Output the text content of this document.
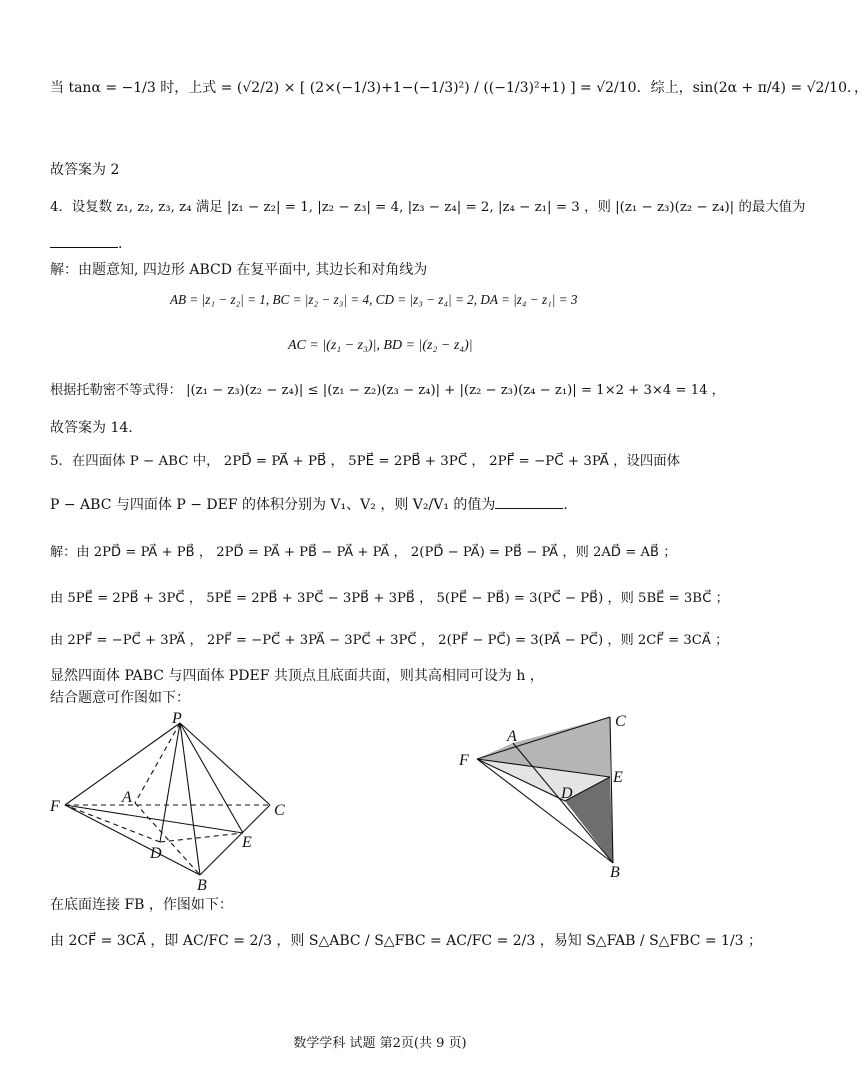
当 tanα = −1/3 时，上式 = (√2/2) × [ (2×(−1/3)+1−(−1/3)²) / ((−1/3)²+1) ] = √2/10．综上，sin(2α + π/4) = √2/10．，
故答案为 2
4．设复数 z₁, z₂, z₃, z₄ 满足 |z₁ − z₂| = 1, |z₂ − z₃| = 4, |z₃ − z₄| = 2, |z₄ − z₁| = 3 ，则 |(z₁ − z₃)(z₂ − z₄)| 的最大值为
.
解：由题意知, 四边形 ABCD 在复平面中, 其边长和对角线为
AB = |z₁ − z₂| = 1, BC = |z₂ − z₃| = 4, CD = |z₃ − z₄| = 2, DA = |z₄ − z₁| = 3
AC = |(z₁ − z₃)|, BD = |(z₂ − z₄)|
根据托勒密不等式得： |(z₁ − z₃)(z₂ − z₄)| ≤ |(z₁ − z₂)(z₃ − z₄)| + |(z₂ − z₃)(z₄ − z₁)| = 1×2 + 3×4 = 14 ，
故答案为 14.
5．在四面体 P − ABC 中， 2PD⃗ = PA⃗ + PB⃗ ， 5PE⃗ = 2PB⃗ + 3PC⃗ ， 2PF⃗ = −PC⃗ + 3PA⃗ ，设四面体
P − ABC 与四面体 P − DEF 的体积分别为 V₁、V₂ ，则 V₂/V₁ 的值为	.
解：由 2PD⃗ = PA⃗ + PB⃗ ， 2PD⃗ = PA⃗ + PB⃗ − PA⃗ + PA⃗ ， 2(PD⃗ − PA⃗) = PB⃗ − PA⃗ ，则 2AD⃗ = AB⃗ ；
由 5PE⃗ = 2PB⃗ + 3PC⃗ ， 5PE⃗ = 2PB⃗ + 3PC⃗ − 3PB⃗ + 3PB⃗ ， 5(PE⃗ − PB⃗) = 3(PC⃗ − PB⃗) ，则 5BE⃗ = 3BC⃗ ；
由 2PF⃗ = −PC⃗ + 3PA⃗ ， 2PF⃗ = −PC⃗ + 3PA⃗ − 3PC⃗ + 3PC⃗ ， 2(PF⃗ − PC⃗) = 3(PA⃗ − PC⃗) ，则 2CF⃗ = 3CA⃗ ；
显然四面体 PABC 与四面体 PDEF 共顶点且底面共面，则其高相同可设为 h ，
结合题意可作图如下：
P
A
F	C
D
E
B
C
A
F
E
D
B
在底面连接 FB ，作图如下：
由 2CF⃗ = 3CA⃗ ，即 AC/FC = 2/3 ，则 S△ABC / S△FBC = AC/FC = 2/3 ，易知 S△FAB / S△FBC = 1/3 ；
数学学科 试题 第2页(共 9 页)
